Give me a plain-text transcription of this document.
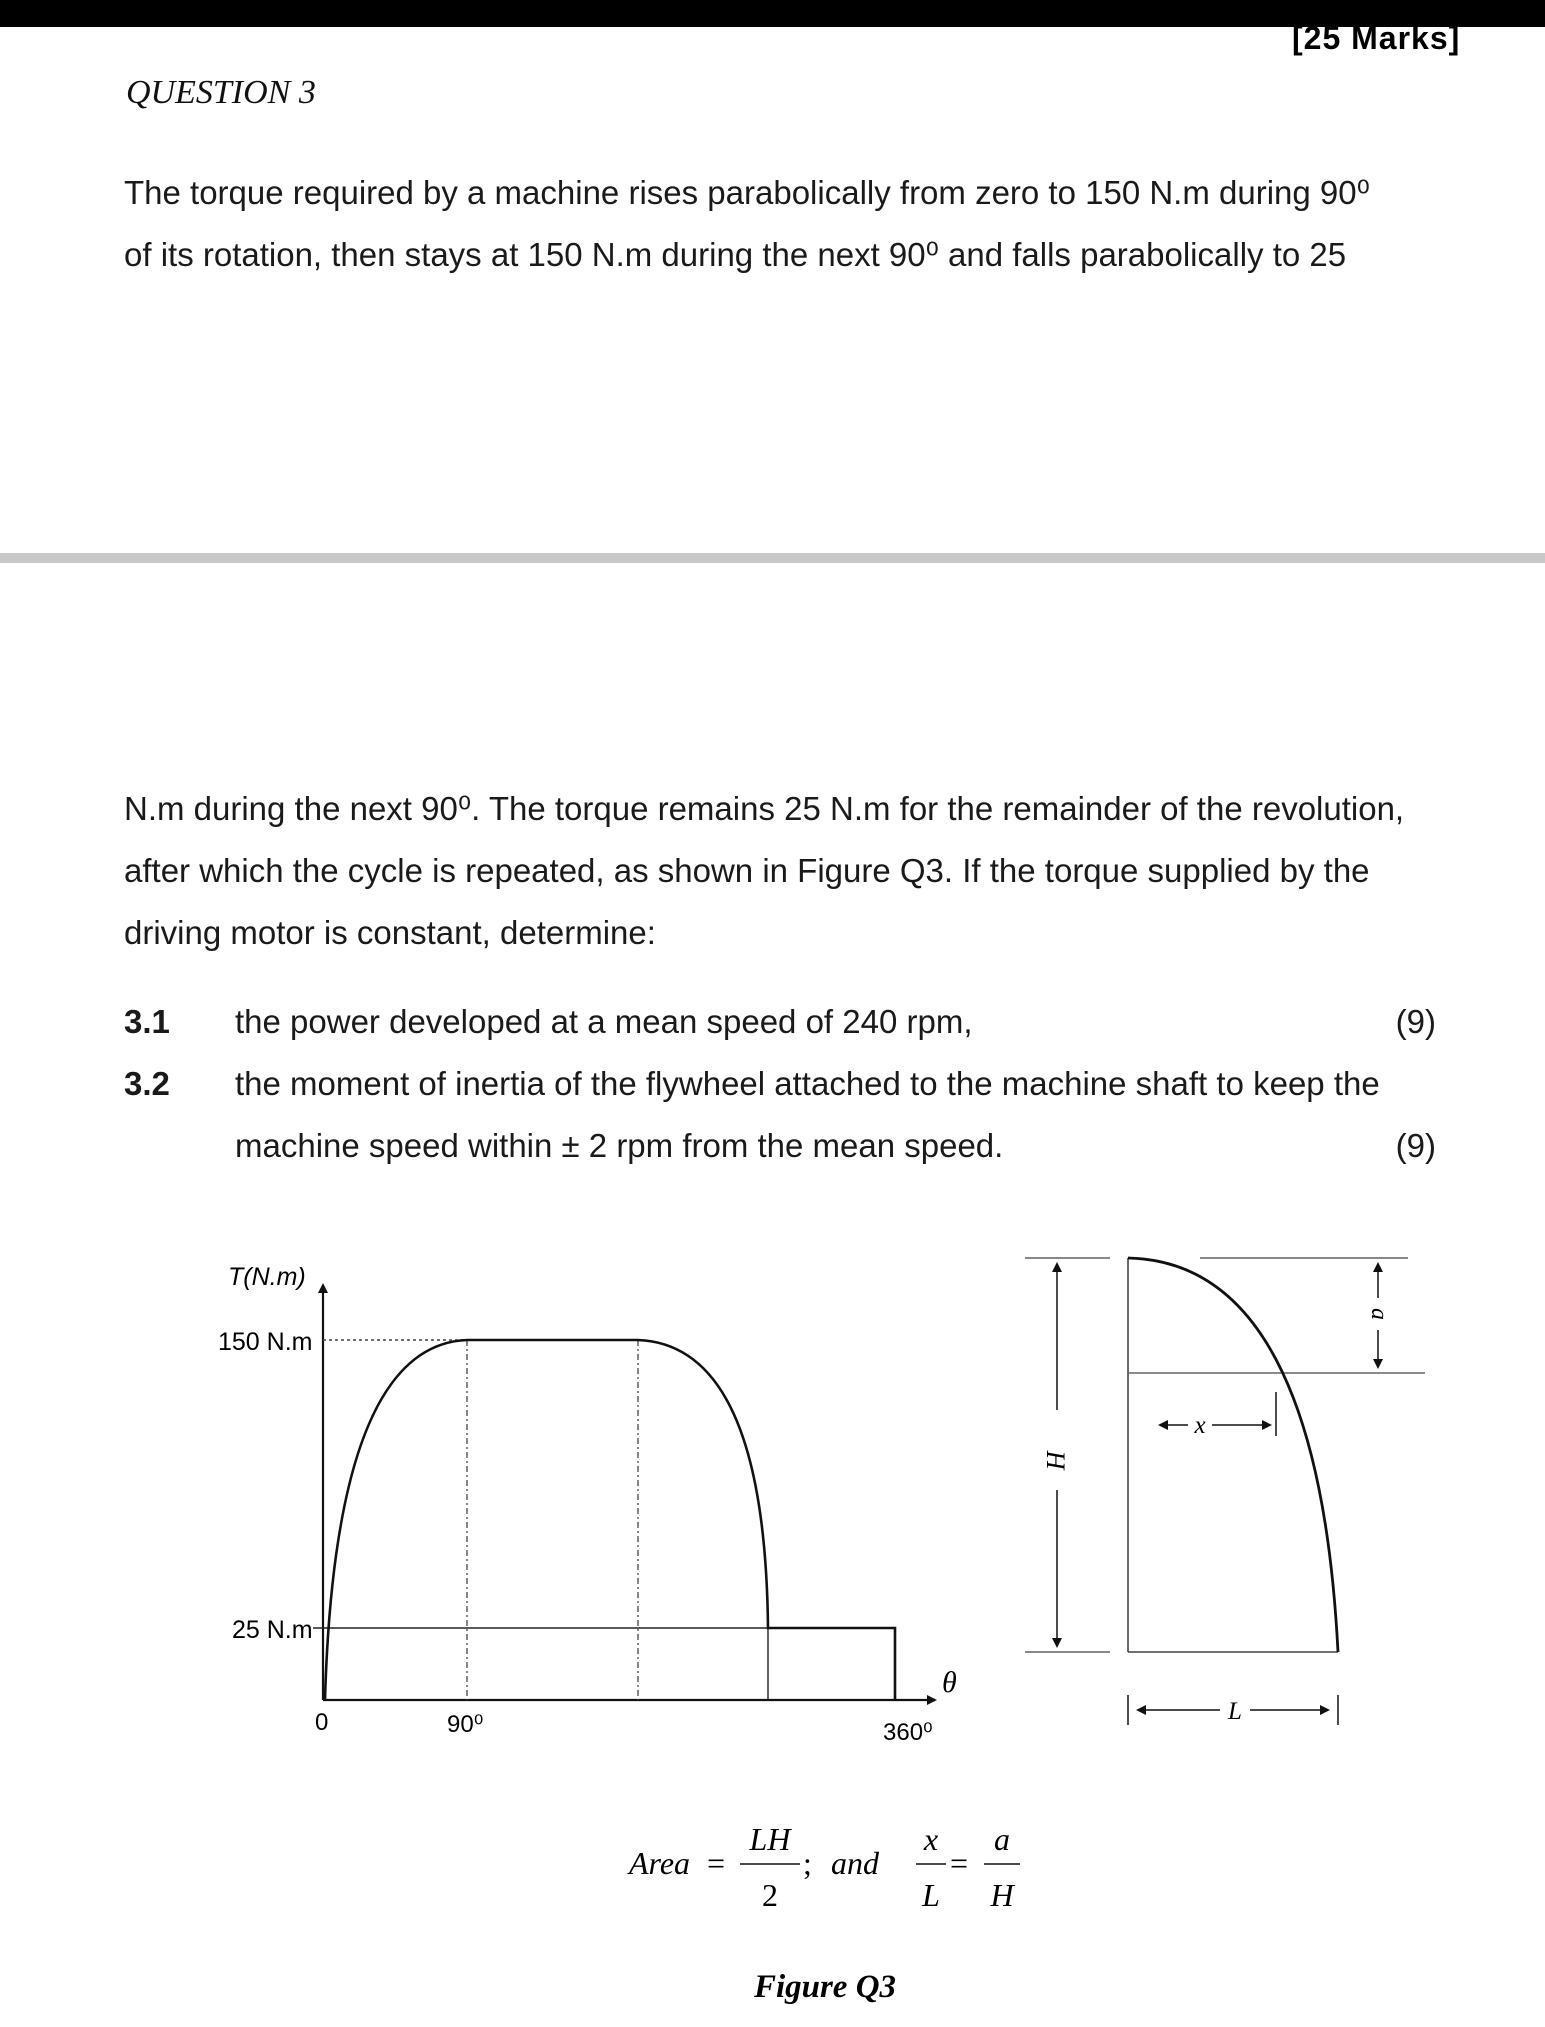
[25 Marks]
QUESTION 3

The torque required by a machine rises parabolically from zero to 150 N.m during 90⁰

of its rotation, then stays at 150 N.m during the next 90⁰ and falls parabolically to 25

N.m during the next 90⁰. The torque remains 25 N.m for the remainder of the revolution,

after which the cycle is repeated, as shown in Figure Q3. If the torque supplied by the

driving motor is constant, determine:

3.1 the power developed at a mean speed of 240 rpm,	(9)
3.2 the moment of inertia of the flywheel attached to the machine shaft to keep the
machine speed within ± 2 rpm from the mean speed.	(9)
T(N.m)
150 N.m
25 N.m
0	90⁰	360⁰
θ
H
a
x
L
Area =
LH
2
; and
x
L
=
a
H
Figure Q3
